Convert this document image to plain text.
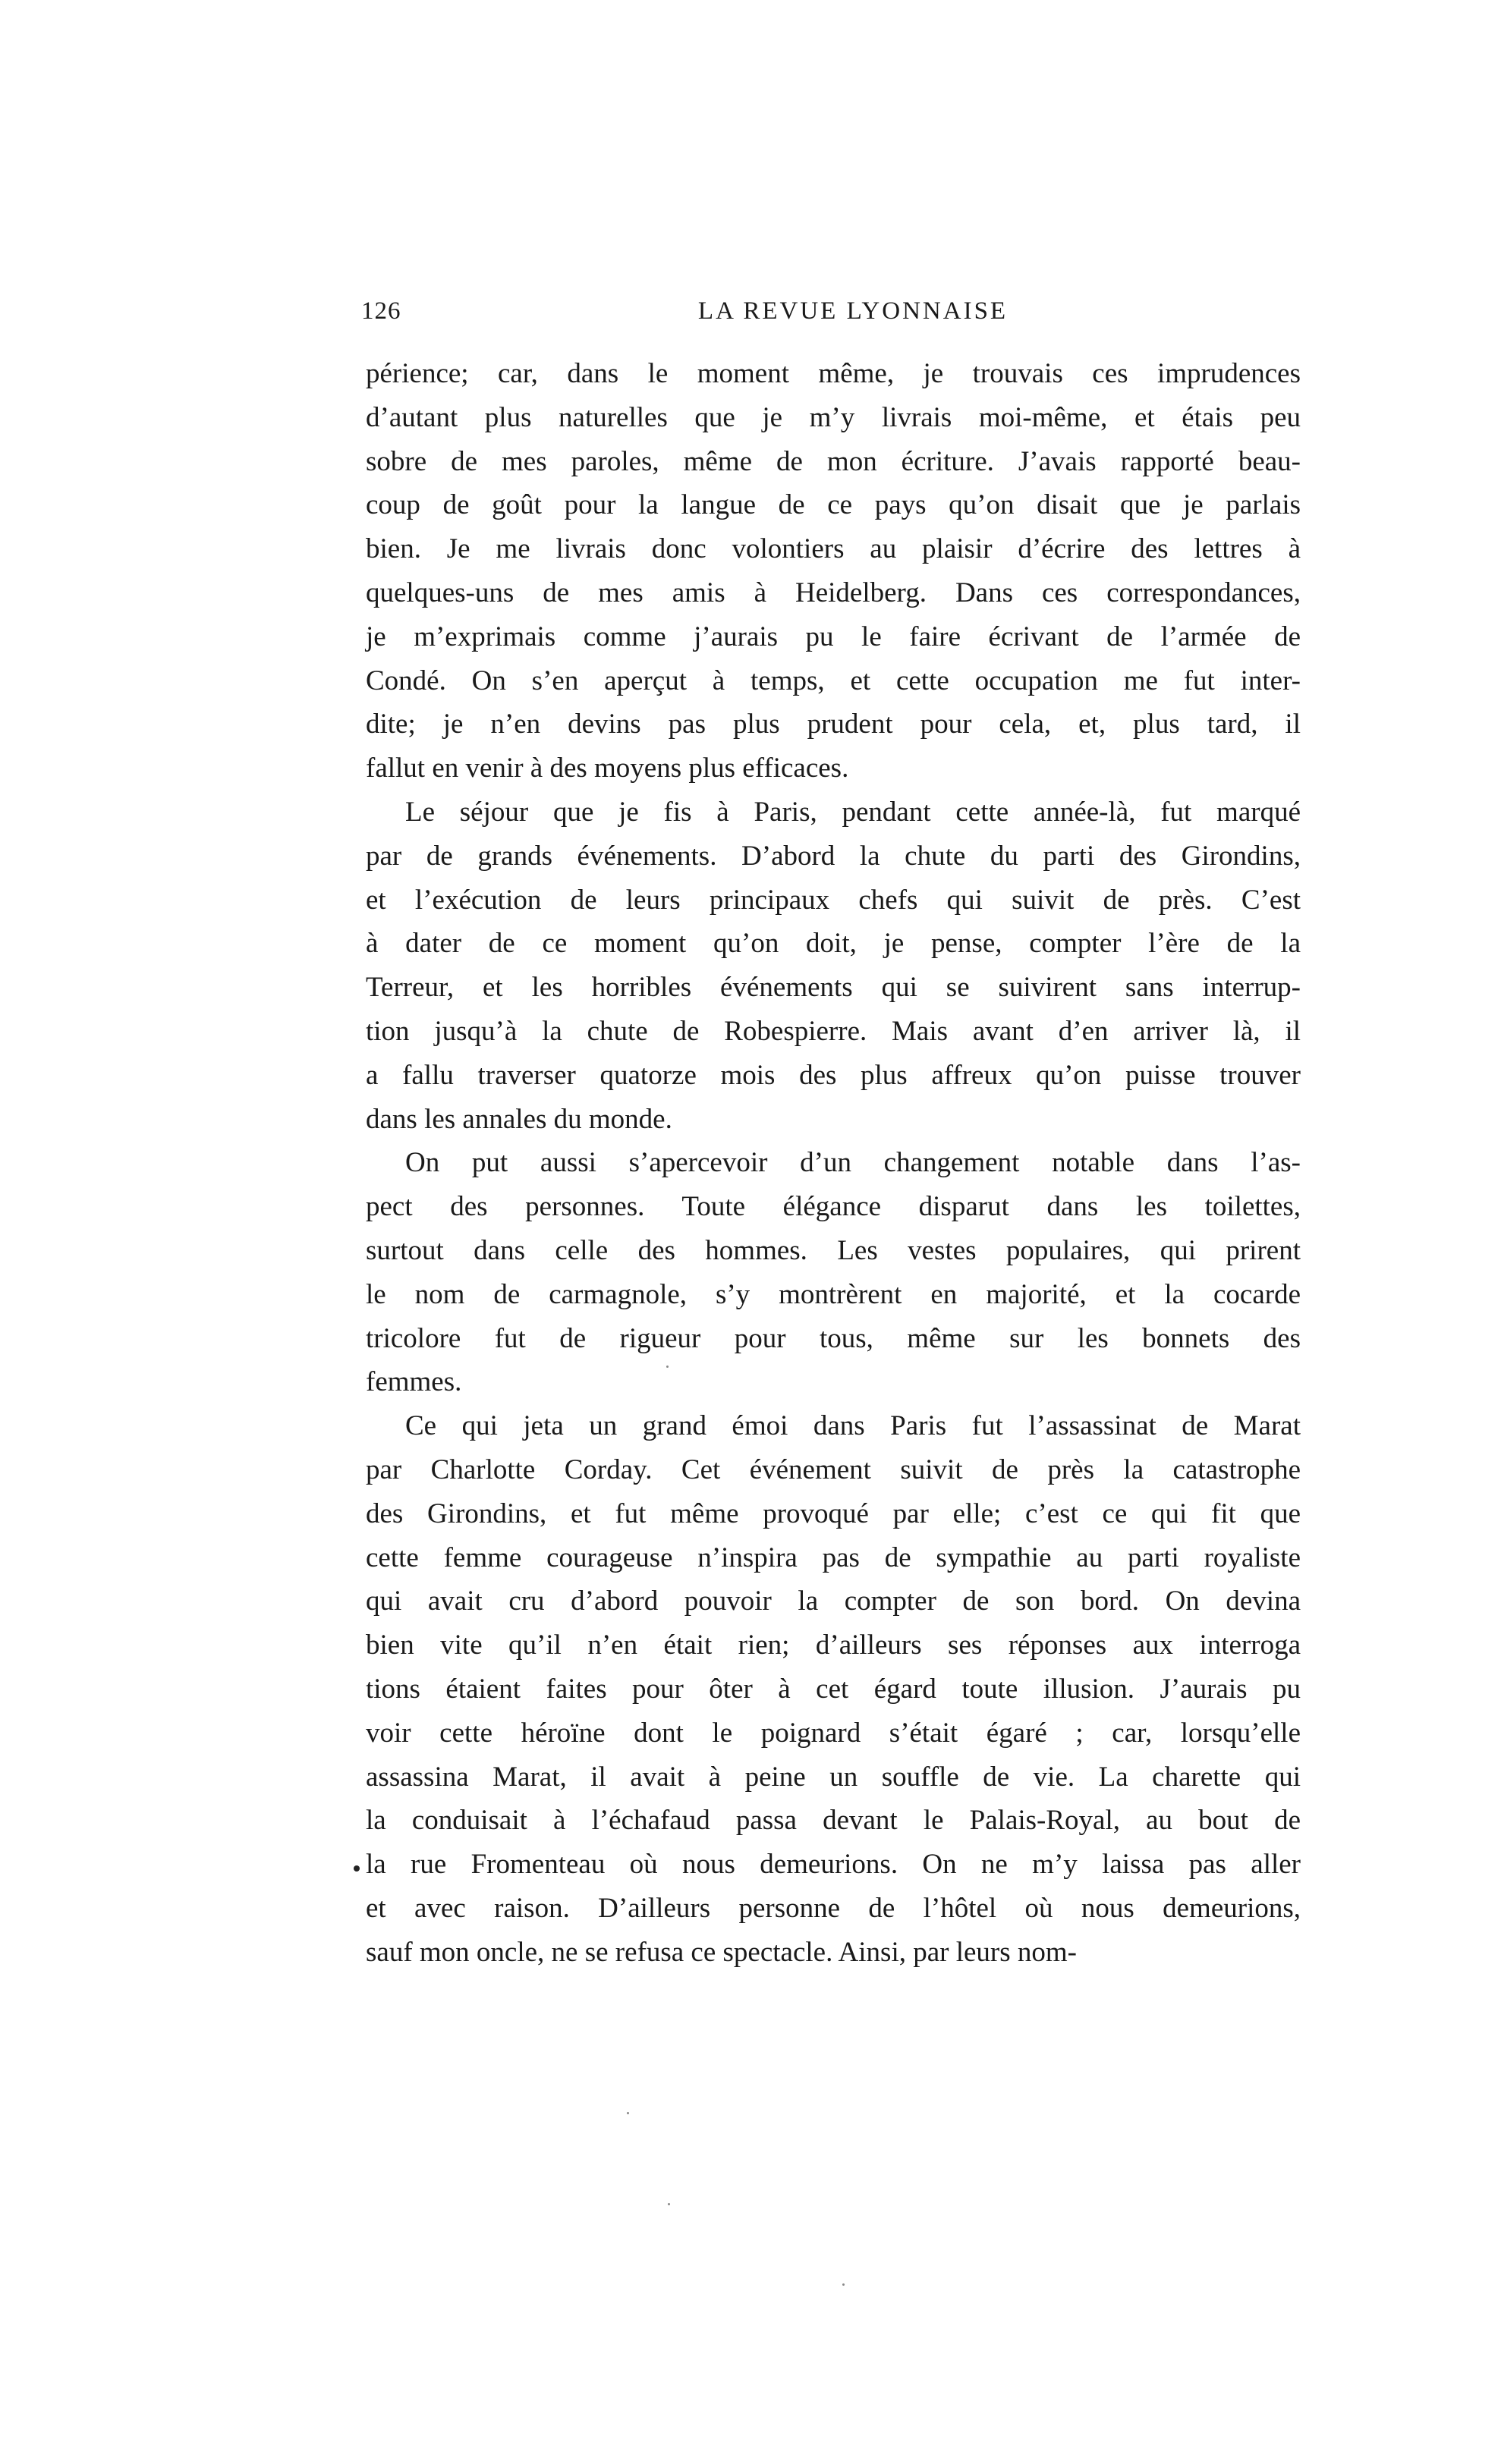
126	LA REVUE LYONNAISE
périence; car, dans le moment même, je trouvais ces imprudences
d’autant plus naturelles que je m’y livrais moi-même, et étais peu
sobre de mes paroles, même de mon écriture. J’avais rapporté beau-
coup de goût pour la langue de ce pays qu’on disait que je parlais
bien. Je me livrais donc volontiers au plaisir d’écrire des lettres à
quelques-uns de mes amis à Heidelberg. Dans ces correspondances,
je m’exprimais comme j’aurais pu le faire écrivant de l’armée de
Condé. On s’en aperçut à temps, et cette occupation me fut inter-
dite; je n’en devins pas plus prudent pour cela, et, plus tard, il
fallut en venir à des moyens plus efficaces.
Le séjour que je fis à Paris, pendant cette année-là, fut marqué
par de grands événements. D’abord la chute du parti des Girondins,
et l’exécution de leurs principaux chefs qui suivit de près. C’est
à dater de ce moment qu’on doit, je pense, compter l’ère de la
Terreur, et les horribles événements qui se suivirent sans interrup-
tion jusqu’à la chute de Robespierre. Mais avant d’en arriver là, il
a fallu traverser quatorze mois des plus affreux qu’on puisse trouver
dans les annales du monde.
On put aussi s’apercevoir d’un changement notable dans l’as-
pect des personnes. Toute élégance disparut dans les toilettes,
surtout dans celle des hommes. Les vestes populaires, qui prirent
le nom de carmagnole, s’y montrèrent en majorité, et la cocarde
tricolore fut de rigueur pour tous, même sur les bonnets des
femmes.
Ce qui jeta un grand émoi dans Paris fut l’assassinat de Marat
par Charlotte Corday. Cet événement suivit de près la catastrophe
des Girondins, et fut même provoqué par elle; c’est ce qui fit que
cette femme courageuse n’inspira pas de sympathie au parti royaliste
qui avait cru d’abord pouvoir la compter de son bord. On devina
bien vite qu’il n’en était rien; d’ailleurs ses réponses aux interroga
tions étaient faites pour ôter à cet égard toute illusion. J’aurais pu
voir cette héroïne dont le poignard s’était égaré ; car, lorsqu’elle
assassina Marat, il avait à peine un souffle de vie. La charette qui
la conduisait à l’échafaud passa devant le Palais-Royal, au bout de
la rue Fromenteau où nous demeurions. On ne m’y laissa pas aller
et avec raison. D’ailleurs personne de l’hôtel où nous demeurions,
sauf mon oncle, ne se refusa ce spectacle. Ainsi, par leurs nom-
